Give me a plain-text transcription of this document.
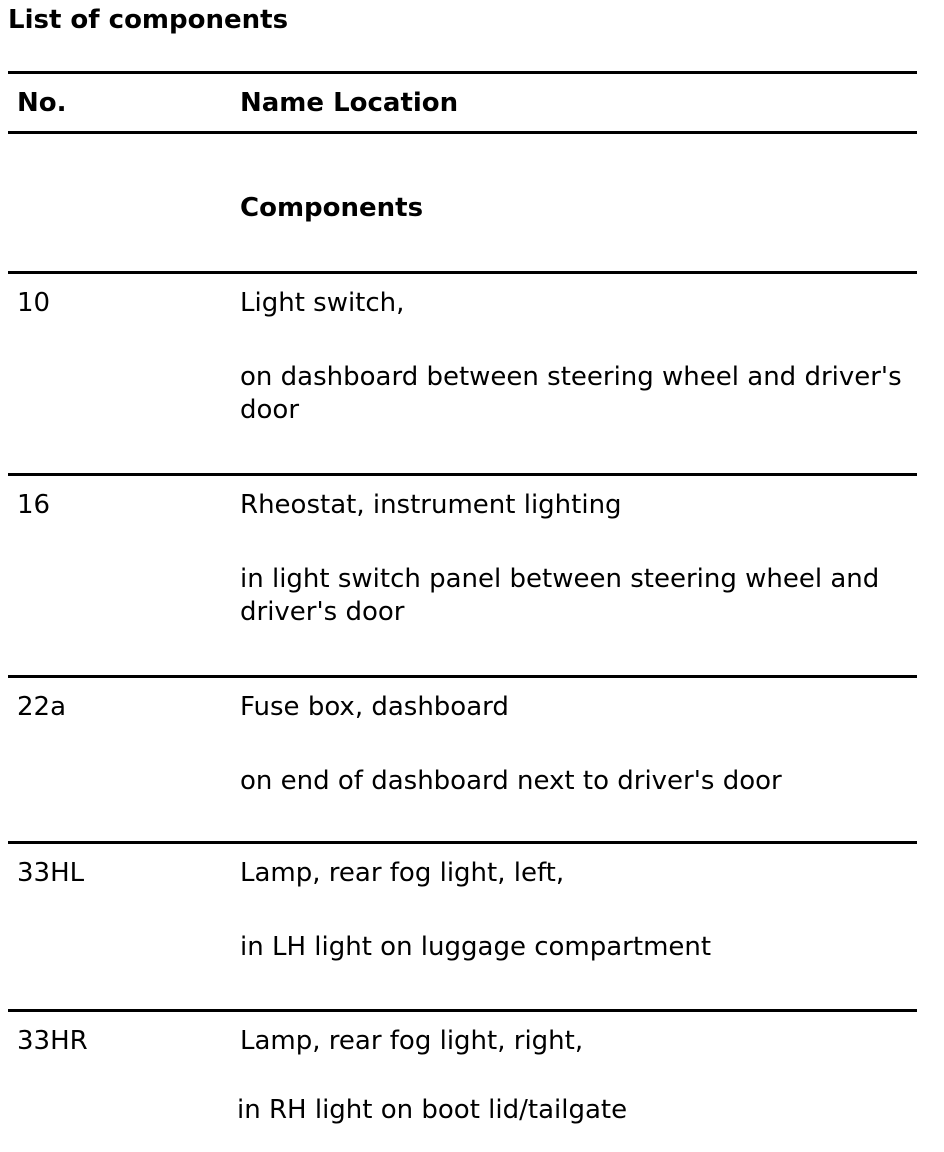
List of components
No.	Name Location
Components
10	Light switch,
on dashboard between steering wheel and driver's door
16	Rheostat, instrument lighting
in light switch panel between steering wheel and driver's door
22a	Fuse box, dashboard
on end of dashboard next to driver's door
33HL	Lamp, rear fog light, left,
in LH light on luggage compartment
33HR	Lamp, rear fog light, right,
in RH light on boot lid/tailgate
